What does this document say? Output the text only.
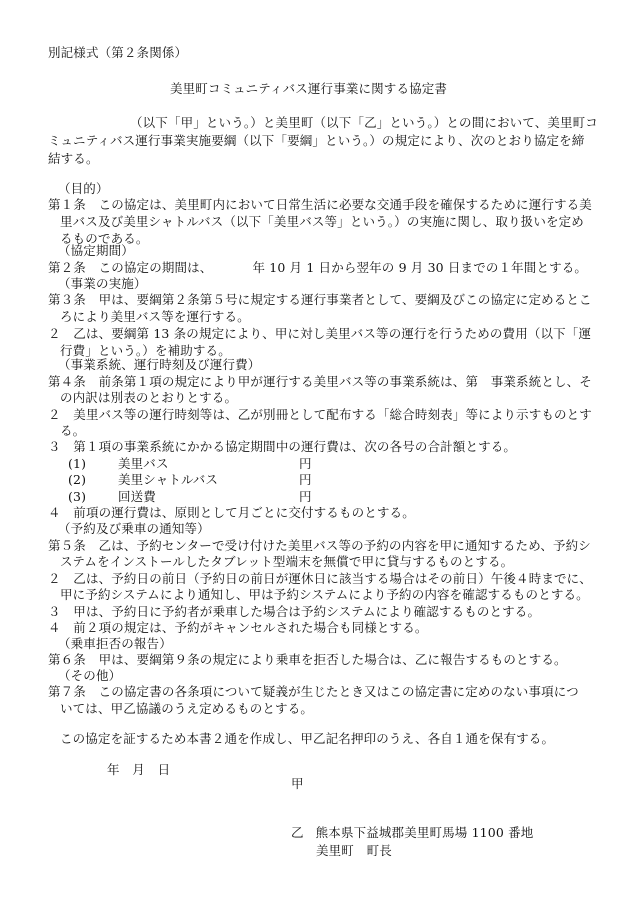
別記様式（第２条関係）
美里町コミュニティバス運行事業に関する協定書
（以下「甲」という。）と美里町（以下「乙」という。）との間において、美里町コ
ミュニティバス運行事業実施要綱（以下「要綱」という。）の規定により、次のとおり協定を締
結する。
（目的）
第１条　この協定は、美里町内において日常生活に必要な交通手段を確保するために運行する美
里バス及び美里シャトルバス（以下「美里バス等」という。）の実施に関し、取り扱いを定め
るものである。
（協定期間）
第２条　この協定の期間は、	年 10 月 1 日から翌年の 9 月 30 日までの１年間とする。
（事業の実施）
第３条　甲は、要綱第２条第５号に規定する運行事業者として、要綱及びこの協定に定めるとこ
ろにより美里バス等を運行する。
２　乙は、要綱第 13 条の規定により、甲に対し美里バス等の運行を行うための費用（以下「運
行費」という。）を補助する。
（事業系統、運行時刻及び運行費）
第４条　前条第１項の規定により甲が運行する美里バス等の事業系統は、第　事業系統とし、そ
の内訳は別表のとおりとする。
２　美里バス等の運行時刻等は、乙が別冊として配布する「総合時刻表」等により示すものとす
る。
３　第１項の事業系統にかかる協定期間中の運行費は、次の各号の合計額とする。
(1)	美里バス	円
(2)	美里シャトルバス	円
(3)	回送費	円
４　前項の運行費は、原則として月ごとに交付するものとする。
（予約及び乗車の通知等）
第５条　乙は、予約センターで受け付けた美里バス等の予約の内容を甲に通知するため、予約シ
ステムをインストールしたタブレット型端末を無償で甲に貸与するものとする。
２　乙は、予約日の前日（予約日の前日が運休日に該当する場合はその前日）午後４時までに、
甲に予約システムにより通知し、甲は予約システムにより予約の内容を確認するものとする。
３　甲は、予約日に予約者が乗車した場合は予約システムにより確認するものとする。
４　前２項の規定は、予約がキャンセルされた場合も同様とする。
（乗車拒否の報告）
第６条　甲は、要綱第９条の規定により乗車を拒否した場合は、乙に報告するものとする。
（その他）
第７条　この協定書の各条項について疑義が生じたとき又はこの協定書に定めのない事項につ
いては、甲乙協議のうえ定めるものとする。
この協定を証するため本書２通を作成し、甲乙記名押印のうえ、各自１通を保有する。
年　月　日
甲
乙 熊本県下益城郡美里町馬場 1100 番地
美里町　町長
